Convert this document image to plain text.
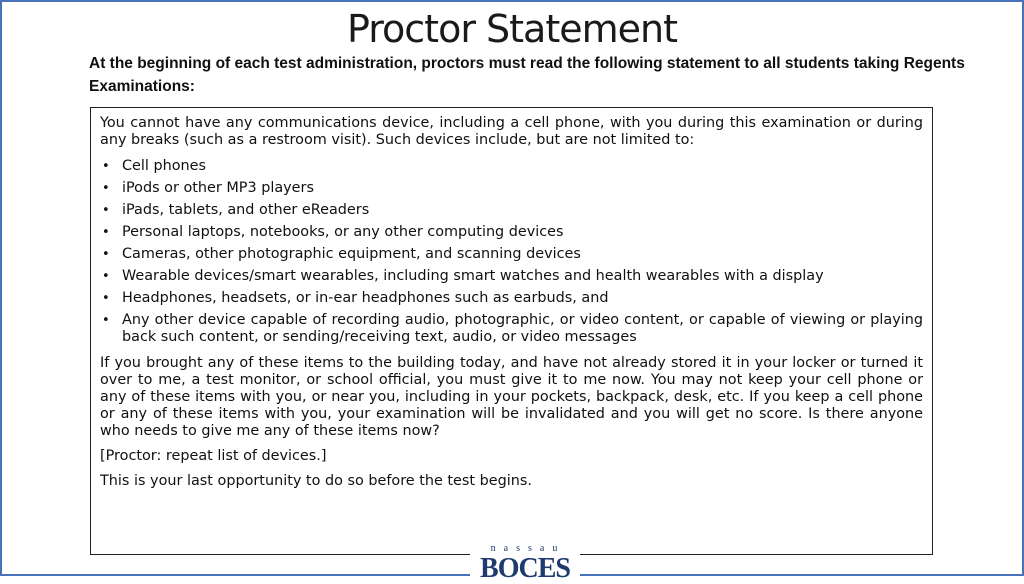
Proctor Statement
At the beginning of each test administration, proctors must read the following statement to all students taking Regents Examinations:

You cannot have any communications device, including a cell phone, with you during this examination or during any breaks (such as a restroom visit). Such devices include, but are not limited to:

• Cell phones
• iPods or other MP3 players
• iPads, tablets, and other eReaders
• Personal laptops, notebooks, or any other computing devices
• Cameras, other photographic equipment, and scanning devices
• Wearable devices/smart wearables, including smart watches and health wearables with a display
• Headphones, headsets, or in-ear headphones such as earbuds, and
• Any other device capable of recording audio, photographic, or video content, or capable of viewing or playing back such content, or sending/receiving text, audio, or video messages

If you brought any of these items to the building today, and have not already stored it in your locker or turned it over to me, a test monitor, or school official, you must give it to me now. You may not keep your cell phone or any of these items with you, or near you, including in your pockets, backpack, desk, etc. If you keep a cell phone or any of these items with you, your examination will be invalidated and you will get no score. Is there anyone who needs to give me any of these items now?

[Proctor: repeat list of devices.]

This is your last opportunity to do so before the test begins.

nassau
BOCES
